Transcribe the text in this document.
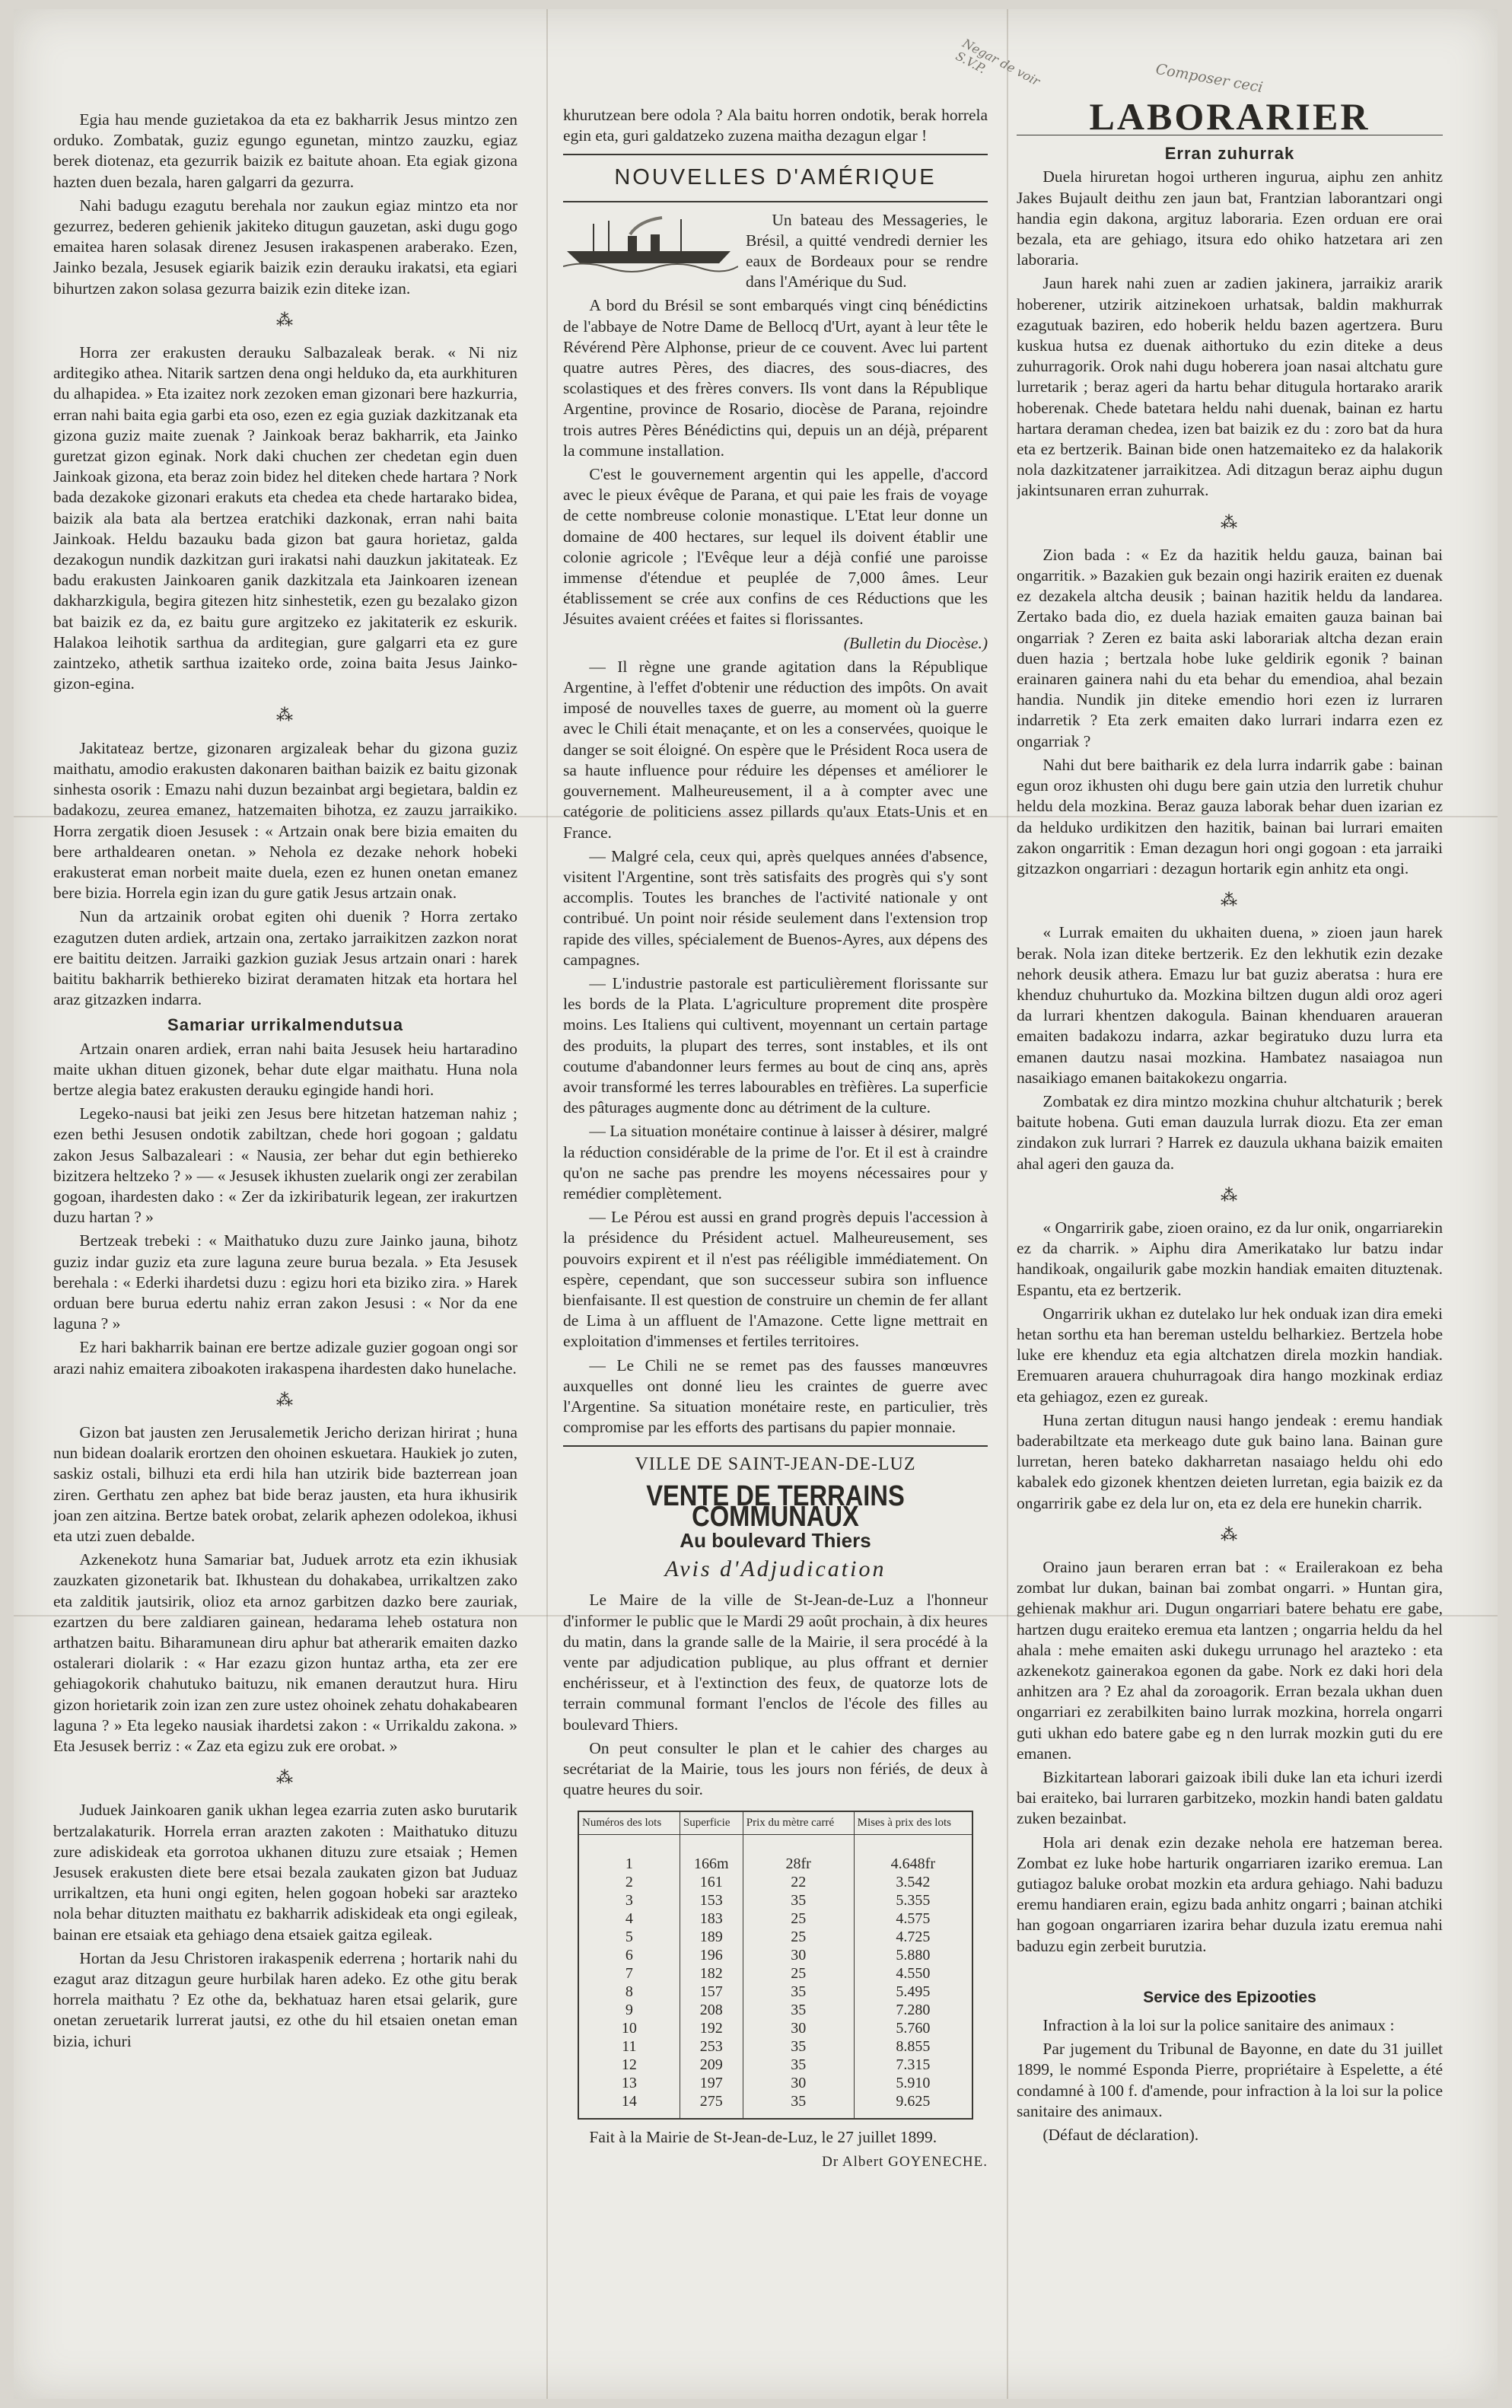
Negar de voir S.V.P.	Composer ceci

Egia hau mende guzietakoa da eta ez bakharrik Jesus mintzo zen orduko. Zombatak, guziz egungo egunetan, mintzo zauzku, egiaz berek diotenaz, eta gezurrik baizik ez baitute ahoan. Eta egiak gizona hazten duen bezala, haren galgarri da gezurra.

Nahi badugu ezagutu berehala nor zaukun egiaz mintzo eta nor gezurrez, bederen gehienik jakiteko ditugun gauzetan, aski dugu gogo emaitea haren solasak direnez Jesusen irakaspenen araberako. Ezen, Jainko bezala, Jesusek egiarik baizik ezin derauku irakatsi, eta egiari bihurtzen zakon solasa gezurra baizik ezin diteke izan.

⁂

Horra zer erakusten derauku Salbazaleak berak. « Ni niz arditegiko athea. Nitarik sartzen dena ongi helduko da, eta aurkhituren du alhapidea. » Eta izaitez nork zezoken eman gizonari bere hazkurria, erran nahi baita egia garbi eta oso, ezen ez egia guziak dazkitzanak eta gizona guziz maite zuenak ? Jainkoak beraz bakharrik, eta Jainko guretzat gizon eginak. Nork daki chuchen zer chedetan egin duen Jainkoak gizona, eta beraz zoin bidez hel diteken chede hartara ? Nork bada dezakoke gizonari erakuts eta chedea eta chede hartarako bidea, baizik ala bata ala bertzea eratchiki dazkonak, erran nahi baita Jainkoak. Heldu bazauku bada gizon bat gaura horietaz, galda dezakogun nundik dazkitzan guri irakatsi nahi dauzkun jakitateak. Ez badu erakusten Jainkoaren ganik dazkitzala eta Jainkoaren izenean dakharzkigula, begira gitezen hitz sinhestetik, ezen gu bezalako gizon bat baizik ez da, ez baitu gure argitzeko ez jakitaterik ez eskurik. Halakoa leihotik sarthua da arditegian, gure galgarri eta ez gure zaintzeko, athetik sarthua izaiteko orde, zoina baita Jesus Jainko-gizon-egina.

⁂

Jakitateaz bertze, gizonaren argizaleak behar du gizona guziz maithatu, amodio erakusten dakonaren baithan baizik ez baitu gizonak sinhesta osorik : Emazu nahi duzun bezainbat argi begietara, baldin ez badakozu, zeurea emanez, hatzemaiten bihotza, ez zauzu jarraikiko. Horra zergatik dioen Jesusek : « Artzain onak bere bizia emaiten du bere arthaldearen onetan. » Nehola ez dezake nehork hobeki erakusterat eman norbeit maite duela, ezen ez hunen onetan emanez bere bizia. Horrela egin izan du gure gatik Jesus artzain onak.

Nun da artzainik orobat egiten ohi duenik ? Horra zertako ezagutzen duten ardiek, artzain ona, zertako jarraikitzen zazkon norat ere baititu deitzen. Jarraiki gazkion guziak Jesus artzain onari : harek baititu bakharrik bethiereko bizirat deramaten hitzak eta hortara hel araz gitzazken indarra.

Samariar urrikalmendutsua

Artzain onaren ardiek, erran nahi baita Jesusek heiu hartaradino maite ukhan dituen gizonek, behar dute elgar maithatu. Huna nola bertze alegia batez erakusten derauku egingide handi hori.

Legeko-nausi bat jeiki zen Jesus bere hitzetan hatzeman nahiz ; ezen bethi Jesusen ondotik zabiltzan, chede hori gogoan ; galdatu zakon Jesus Salbazaleari : « Nausia, zer behar dut egin bethiereko bizitzera heltzeko ? » — « Jesusek ikhusten zuelarik ongi zer zerabilan gogoan, ihardesten dako : « Zer da izkiribaturik legean, zer irakurtzen duzu hartan ? »

Bertzeak trebeki : « Maithatuko duzu zure Jainko jauna, bihotz guziz indar guziz eta zure laguna zeure burua bezala. » Eta Jesusek berehala : « Ederki ihardetsi duzu : egizu hori eta biziko zira. » Harek orduan bere burua edertu nahiz erran zakon Jesusi : « Nor da ene laguna ? »

Ez hari bakharrik bainan ere bertze adizale guzier gogoan ongi sor arazi nahiz emaitera ziboakoten irakaspena ihardesten dako hunelache.

⁂

Gizon bat jausten zen Jerusalemetik Jericho derizan hirirat ; huna nun bidean doalarik erortzen den ohoinen eskuetara. Haukiek jo zuten, saskiz ostali, bilhuzi eta erdi hila han utzirik bide bazterrean joan ziren. Gerthatu zen aphez bat bide beraz jausten, eta hura ikhusirik joan zen aitzina. Bertze batek orobat, zelarik aphezen odolekoa, ikhusi eta utzi zuen debalde.

Azkenekotz huna Samariar bat, Juduek arrotz eta ezin ikhusiak zauzkaten gizonetarik bat. Ikhustean du dohakabea, urrikaltzen zako eta zalditik jautsirik, olioz eta arnoz garbitzen dazko bere zauriak, ezartzen du bere zaldiaren gainean, hedarama leheb ostatura non arthatzen baitu. Biharamunean diru aphur bat atherarik emaiten dazko ostalerari diolarik : « Har ezazu gizon huntaz artha, eta zer ere gehiagokorik chahutuko baituzu, nik emanen derautzut hura. Hiru gizon horietarik zoin izan zen zure ustez ohoinek zehatu dohakabearen laguna ? » Eta legeko nausiak ihardetsi zakon : « Urrikaldu zakona. » Eta Jesusek berriz : « Zaz eta egizu zuk ere orobat. »

⁂

Juduek Jainkoaren ganik ukhan legea ezarria zuten asko burutarik bertzalakaturik. Horrela erran arazten zakoten : Maithatuko dituzu zure adiskideak eta gorrotoa ukhanen dituzu zure etsaiak ; Hemen Jesusek erakusten diete bere etsai bezala zaukaten gizon bat Juduaz urrikaltzen, eta huni ongi egiten, helen gogoan hobeki sar arazteko nola behar dituzten maithatu ez bakharrik adiskideak eta ongi egileak, bainan ere etsaiak eta gehiago dena etsaiek gaitza egileak.

Hortan da Jesu Christoren irakaspenik ederrena ; hortarik nahi du ezagut araz ditzagun geure hurbilak haren adeko. Ez othe gitu berak horrela maithatu ? Ez othe da, bekhatuaz haren etsai gelarik, gure onetan zeruetarik lurrerat jautsi, ez othe du hil etsaien onetan eman bizia, ichuri

khurutzean bere odola ? Ala baitu horren ondotik, berak horrela egin eta, guri galdatzeko zuzena maitha dezagun elgar !

NOUVELLES D'AMÉRIQUE

Un bateau des Messageries, le Brésil, a quitté vendredi dernier les eaux de Bordeaux pour se rendre dans l'Amérique du Sud.

A bord du Brésil se sont embarqués vingt cinq bénédictins de l'abbaye de Notre Dame de Bellocq d'Urt, ayant à leur tête le Révérend Père Alphonse, prieur de ce couvent. Avec lui partent quatre autres Pères, des diacres, des sous-diacres, des scolastiques et des frères convers. Ils vont dans la République Argentine, province de Rosario, diocèse de Parana, rejoindre trois autres Pères Bénédictins qui, depuis un an déjà, préparent la commune installation.

C'est le gouvernement argentin qui les appelle, d'accord avec le pieux évêque de Parana, et qui paie les frais de voyage de cette nombreuse colonie monastique. L'Etat leur donne un domaine de 400 hectares, sur lequel ils doivent établir une colonie agricole ; l'Evêque leur a déjà confié une paroisse immense d'étendue et peuplée de 7,000 âmes. Leur établissement se crée aux confins de ces Réductions que les Jésuites avaient créées et faites si florissantes.

(Bulletin du Diocèse.)

— Il règne une grande agitation dans la République Argentine, à l'effet d'obtenir une réduction des impôts. On avait imposé de nouvelles taxes de guerre, au moment où la guerre avec le Chili était menaçante, et on les a conservées, quoique le danger se soit éloigné. On espère que le Président Roca usera de sa haute influence pour réduire les dépenses et améliorer le gouvernement. Malheureusement, il a à compter avec une catégorie de politiciens assez pillards qu'aux Etats-Unis et en France.

— Malgré cela, ceux qui, après quelques années d'absence, visitent l'Argentine, sont très satisfaits des progrès qui s'y sont accomplis. Toutes les branches de l'activité nationale y ont contribué. Un point noir réside seulement dans l'extension trop rapide des villes, spécialement de Buenos-Ayres, aux dépens des campagnes.

— L'industrie pastorale est particulièrement florissante sur les bords de la Plata. L'agriculture proprement dite prospère moins. Les Italiens qui cultivent, moyennant un certain partage des produits, la plupart des terres, sont instables, et ils ont coutume d'abandonner leurs fermes au bout de cinq ans, après avoir transformé les terres labourables en trèfières. La superficie des pâturages augmente donc au détriment de la culture.

— La situation monétaire continue à laisser à désirer, malgré la réduction considérable de la prime de l'or. Et il est à craindre qu'on ne sache pas prendre les moyens nécessaires pour y remédier complètement.

— Le Pérou est aussi en grand progrès depuis l'accession à la présidence du Président actuel. Malheureusement, ses pouvoirs expirent et il n'est pas rééligible immédiatement. On espère, cependant, que son successeur subira son influence bienfaisante. Il est question de construire un chemin de fer allant de Lima à un affluent de l'Amazone. Cette ligne mettrait en exploitation d'immenses et fertiles territoires.

— Le Chili ne se remet pas des fausses manœuvres auxquelles ont donné lieu les craintes de guerre avec l'Argentine. Sa situation monétaire reste, en particulier, très compromise par les efforts des partisans du papier monnaie.

VILLE DE SAINT-JEAN-DE-LUZ
VENTE DE TERRAINS COMMUNAUX
Au boulevard Thiers
Avis d'Adjudication

Le Maire de la ville de St-Jean-de-Luz a l'honneur d'informer le public que le Mardi 29 août prochain, à dix heures du matin, dans la grande salle de la Mairie, il sera procédé à la vente par adjudication publique, au plus offrant et dernier enchérisseur, et à l'extinction des feux, de quatorze lots de terrain communal formant l'enclos de l'école des filles au boulevard Thiers.

On peut consulter le plan et le cahier des charges au secrétariat de la Mairie, tous les jours non fériés, de deux à quatre heures du soir.

Numéros des lots	Superficie	Prix du mètre carré	Mises à prix des lots
1	166m	28fr	4.648fr
2	161	22	3.542
3	153	35	5.355
4	183	25	4.575
5	189	25	4.725
6	196	30	5.880
7	182	25	4.550
8	157	35	5.495
9	208	35	7.280
10	192	30	5.760
11	253	35	8.855
12	209	35	7.315
13	197	30	5.910
14	275	35	9.625

Fait à la Mairie de St-Jean-de-Luz, le 27 juillet 1899.

Dr Albert GOYENECHE.
LABORARIER
Erran zuhurrak

Duela hiruretan hogoi urtheren ingurua, aiphu zen anhitz Jakes Bujault deithu zen jaun bat, Frantzian laborantzari ongi handia egin dakona, argituz laboraria. Ezen orduan ere orai bezala, eta are gehiago, itsura edo ohiko hatzetara ari zen laboraria.

Jaun harek nahi zuen ar zadien jakinera, jarraikiz ararik hoberener, utzirik aitzinekoen urhatsak, baldin makhurrak ezagutuak baziren, edo hoberik heldu bazen agertzera. Buru kuskua hutsa ez duenak aithortuko du ezin diteke a deus zuhurragorik. Orok nahi dugu hoberera joan nasai altchatu gure lurretarik ; beraz ageri da hartu behar ditugula hortarako ararik hoberenak. Chede batetara heldu nahi duenak, bainan ez hartu hartara deraman chedea, izen bat baizik ez du : zoro bat da hura eta ez bertzerik. Bainan bide onen hatzemaiteko ez da halakorik nola dazkitzatener jarraikitzea. Adi ditzagun beraz aiphu dugun jakintsunaren erran zuhurrak.

⁂

Zion bada : « Ez da hazitik heldu gauza, bainan bai ongarritik. » Bazakien guk bezain ongi hazirik eraiten ez duenak ez dezakela altcha deusik ; bainan hazitik heldu da landarea. Zertako bada dio, ez duela haziak emaiten gauza bainan bai ongarriak ? Zeren ez baita aski laborariak altcha dezan erain duen hazia ; bertzala hobe luke geldirik egonik ? bainan erainaren gainera nahi du eta behar du emendioa, ahal bezain handia. Nundik jin diteke emendio hori ezen iz lurraren indarretik ? Eta zerk emaiten dako lurrari indarra ezen ez ongarriak ?

Nahi dut bere baitharik ez dela lurra indarrik gabe : bainan egun oroz ikhusten ohi dugu bere gain utzia den lurretik chuhur heldu dela mozkina. Beraz gauza laborak behar duen izarian ez da helduko urdikitzen den hazitik, bainan bai lurrari emaiten zakon ongarritik : Eman dezagun hori ongi gogoan : eta jarraiki gitzazkon ongarriari : dezagun hortarik egin anhitz eta ongi.

⁂

« Lurrak emaiten du ukhaiten duena, » zioen jaun harek berak. Nola izan diteke bertzerik. Ez den lekhutik ezin dezake nehork deusik athera. Emazu lur bat guziz aberatsa : hura ere khenduz chuhurtuko da. Mozkina biltzen dugun aldi oroz ageri da lurrari khentzen dakogula. Bainan khenduaren araueran emaiten badakozu indarra, azkar begiratuko duzu lurra eta emanen dautzu nasai mozkina. Hambatez nasaiagoa nun nasaikiago emanen baitakokezu ongarria.

Zombatak ez dira mintzo mozkina chuhur altchaturik ; berek baitute hobena. Guti eman dauzula lurrak diozu. Eta zer eman zindakon zuk lurrari ? Harrek ez dauzula ukhana baizik emaiten ahal ageri den gauza da.

⁂

« Ongarririk gabe, zioen oraino, ez da lur onik, ongarriarekin ez da charrik. » Aiphu dira Amerikatako lur batzu indar handikoak, ongailurik gabe mozkin handiak emaiten dituztenak. Espantu, eta ez bertzerik.

Ongarririk ukhan ez dutelako lur hek onduak izan dira emeki hetan sorthu eta han bereman usteldu belharkiez. Bertzela hobe luke ere khenduz eta egia altchatzen direla mozkin handiak. Eremuaren arauera chuhurragoak dira hango mozkinak erdiaz eta gehiagoz, ezen ez gureak.

Huna zertan ditugun nausi hango jendeak : eremu handiak baderabiltzate eta merkeago dute guk baino lana. Bainan gure lurretan, heren bateko dakharretan nasaiago heldu ohi edo kabalek edo gizonek khentzen deieten lurretan, egia baizik ez da ongarririk gabe ez dela lur on, eta ez dela ere hunekin charrik.

⁂

Oraino jaun beraren erran bat : « Erailerakoan ez beha zombat lur dukan, bainan bai zombat ongarri. » Huntan gira, gehienak makhur ari. Dugun ongarriari batere behatu ere gabe, hartzen dugu eraiteko eremua eta lantzen ; ongarria heldu da hel ahala : mehe emaiten aski dukegu urrunago hel arazteko : eta azkenekotz gainerakoa egonen da gabe. Nork ez daki hori dela anhitzen ara ? Ez ahal da zoroagorik. Erran bezala ukhan duen ongarriari ez zerabilkiten baino lurrak mozkina, horrela ongarri guti ukhan edo batere gabe eg n den lurrak mozkin guti du ere emanen.

Bizkitartean laborari gaizoak ibili duke lan eta ichuri izerdi bai eraiteko, bai lurraren garbitzeko, mozkin handi baten galdatu zuken bezainbat.

Hola ari denak ezin dezake nehola ere hatzeman berea. Zombat ez luke hobe harturik ongarriaren izariko eremua. Lan gutiagoz baluke orobat mozkin eta ardura gehiago. Nahi baduzu eremu handiaren erain, egizu bada anhitz ongarri ; bainan atchiki han gogoan ongarriaren izarira behar duzula izatu eremua nahi baduzu egin zerbeit burutzia.

Service des Epizooties

Infraction à la loi sur la police sanitaire des animaux :

Par jugement du Tribunal de Bayonne, en date du 31 juillet 1899, le nommé Esponda Pierre, propriétaire à Espelette, a été condamné à 100 f. d'amende, pour infraction à la loi sur la police sanitaire des animaux.

(Défaut de déclaration).
